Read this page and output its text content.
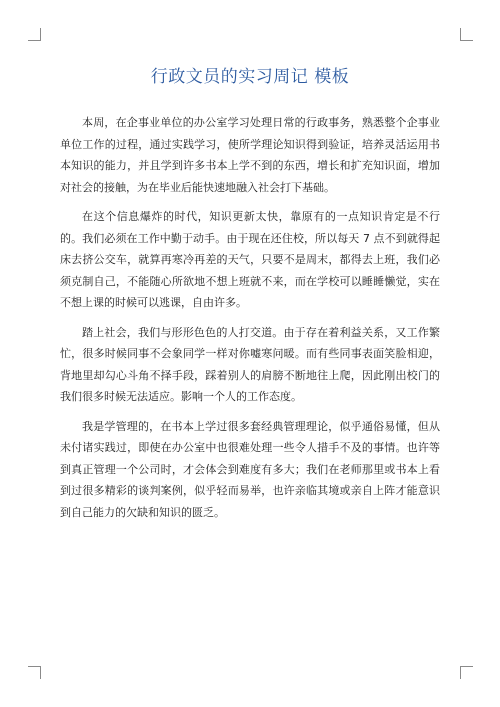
行政文员的实习周记 模板

本周，在企事业单位的办公室学习处理日常的行政事务，熟悉整个企事业单位工作的过程，通过实践学习，使所学理论知识得到验证，培养灵活运用书本知识的能力，并且学到许多书本上学不到的东西，增长和扩充知识面，增加对社会的接触，为在毕业后能快速地融入社会打下基础。

在这个信息爆炸的时代，知识更新太快，靠原有的一点知识肯定是不行的。我们必须在工作中勤于动手。由于现在还住校，所以每天 7 点不到就得起床去挤公交车，就算再寒冷再差的天气，只要不是周末，都得去上班，我们必须克制自己，不能随心所欲地不想上班就不来，而在学校可以睡睡懒觉，实在不想上课的时候可以逃课，自由许多。

踏上社会，我们与形形色色的人打交道。由于存在着利益关系，又工作繁忙，很多时候同事不会象同学一样对你嘘寒问暖。而有些同事表面笑脸相迎，背地里却勾心斗角不择手段，踩着别人的肩膀不断地往上爬，因此刚出校门的我们很多时候无法适应。影响一个人的工作态度。

我是学管理的，在书本上学过很多套经典管理理论，似乎通俗易懂，但从未付诸实践过，即使在办公室中也很难处理一些令人措手不及的事情。也许等到真正管理一个公司时，才会体会到难度有多大；我们在老师那里或书本上看到过很多精彩的谈判案例，似乎轻而易举，也许亲临其境或亲自上阵才能意识到自己能力的欠缺和知识的匮乏。
